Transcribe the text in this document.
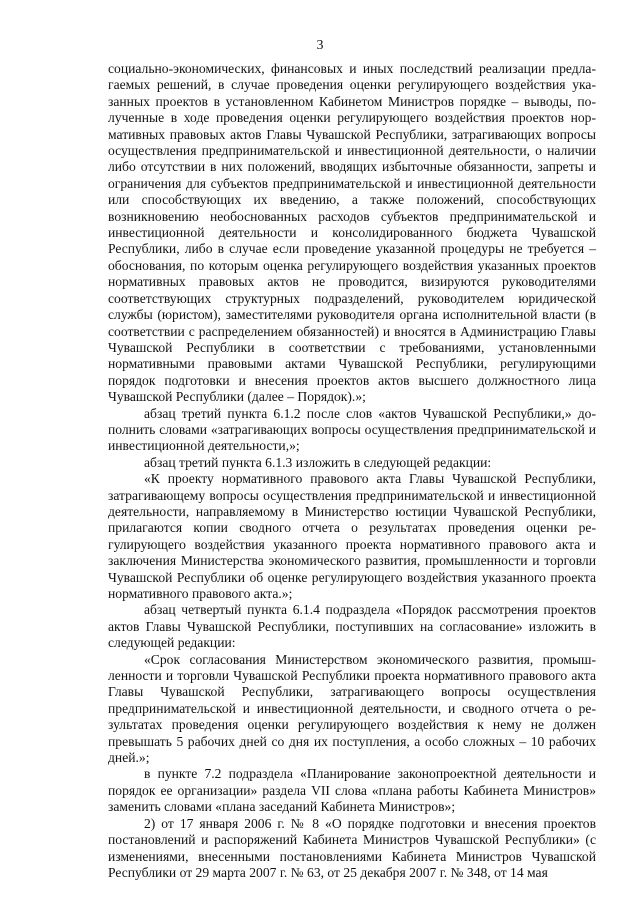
3

социально-экономических, финансовых и иных последствий реализации предлагаемых решений, в случае проведения оценки регулирующего воздействия указанных проектов в установленном Кабинетом Министров порядке – выводы, полученные в ходе проведения оценки регулирующего воздействия проектов нормативных правовых актов Главы Чувашской Республики, затрагивающих вопросы осуществления предпринимательской и инвестиционной деятельности, о наличии либо отсутствии в них положений, вводящих избыточные обязанности, запреты и ограничения для субъектов предпринимательской и инвестиционной деятельности или способствующих их введению, а также положений, способствующих возникновению необоснованных расходов субъектов предпринимательской и инвестиционной деятельности и консолидированного бюджета Чувашской Республики, либо в случае если проведение указанной процедуры не требуется – обоснования, по которым оценка регулирующего воздействия указанных проектов нормативных правовых актов не проводится, визируются руководителями соответствующих структурных подразделений, руководителем юридической службы (юристом), заместителями руководителя органа исполнительной власти (в соответствии с распределением обязанностей) и вносятся в Администрацию Главы Чувашской Республики в соответствии с требованиями, установленными нормативными правовыми актами Чувашской Республики, регулирующими порядок подготовки и внесения проектов актов высшего должностного лица Чувашской Республики (далее – Порядок).»;

абзац третий пункта 6.1.2 после слов «актов Чувашской Республики,» дополнить словами «затрагивающих вопросы осуществления предпринимательской и инвестиционной деятельности,»;

абзац третий пункта 6.1.3 изложить в следующей редакции:

«К проекту нормативного правового акта Главы Чувашской Республики, затрагивающему вопросы осуществления предпринимательской и инвестиционной деятельности, направляемому в Министерство юстиции Чувашской Республики, прилагаются копии сводного отчета о результатах проведения оценки регулирующего воздействия указанного проекта нормативного правового акта и заключения Министерства экономического развития, промышленности и торговли Чувашской Республики об оценке регулирующего воздействия указанного проекта нормативного правового акта.»;

абзац четвертый пункта 6.1.4 подраздела «Порядок рассмотрения проектов актов Главы Чувашской Республики, поступивших на согласование» изложить в следующей редакции:

«Срок согласования Министерством экономического развития, промышленности и торговли Чувашской Республики проекта нормативного правового акта Главы Чувашской Республики, затрагивающего вопросы осуществления предпринимательской и инвестиционной деятельности, и сводного отчета о результатах проведения оценки регулирующего воздействия к нему не должен превышать 5 рабочих дней со дня их поступления, а особо сложных – 10 рабочих дней.»;

в пункте 7.2 подраздела «Планирование законопроектной деятельности и порядок ее организации» раздела VII слова «плана работы Кабинета Министров» заменить словами «плана заседаний Кабинета Министров»;

2) от 17 января 2006 г. № 8 «О порядке подготовки и внесения проектов постановлений и распоряжений Кабинета Министров Чувашской Республики» (с изменениями, внесенными постановлениями Кабинета Министров Чувашской Республики от 29 марта 2007 г. № 63, от 25 декабря 2007 г. № 348, от 14 мая
